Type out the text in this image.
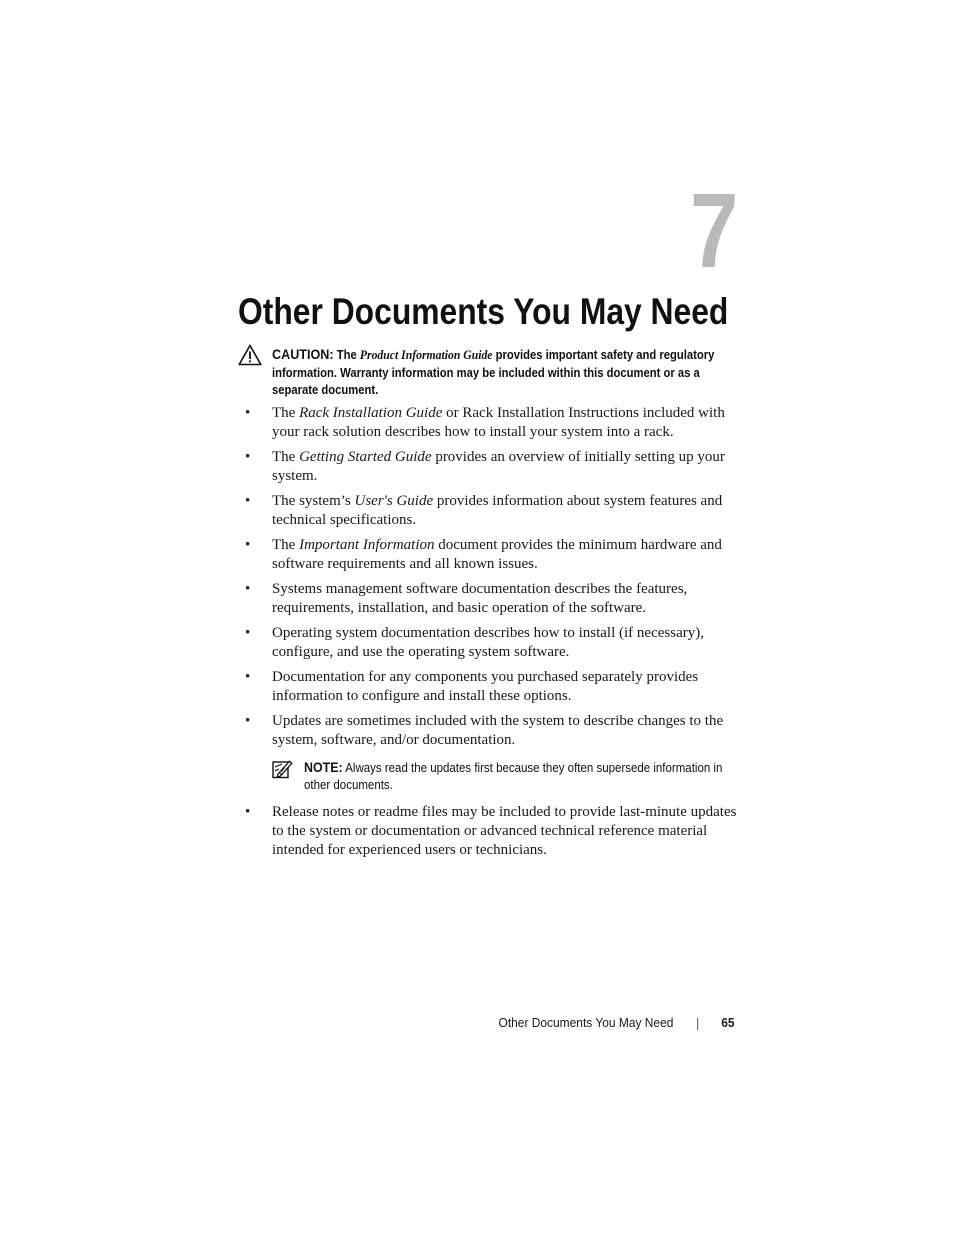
7
Other Documents You May Need
CAUTION: The Product Information Guide provides important safety and regulatory information. Warranty information may be included within this document or as a separate document.
• The Rack Installation Guide or Rack Installation Instructions included with your rack solution describes how to install your system into a rack.
• The Getting Started Guide provides an overview of initially setting up your system.
• The system’s User's Guide provides information about system features and technical specifications.
• The Important Information document provides the minimum hardware and software requirements and all known issues.
• Systems management software documentation describes the features, requirements, installation, and basic operation of the software.
• Operating system documentation describes how to install (if necessary), configure, and use the operating system software.
• Documentation for any components you purchased separately provides information to configure and install these options.
• Updates are sometimes included with the system to describe changes to the system, software, and/or documentation.
NOTE: Always read the updates first because they often supersede information in other documents.
• Release notes or readme files may be included to provide last-minute updates to the system or documentation or advanced technical reference material intended for experienced users or technicians.
Other Documents You May Need	65
